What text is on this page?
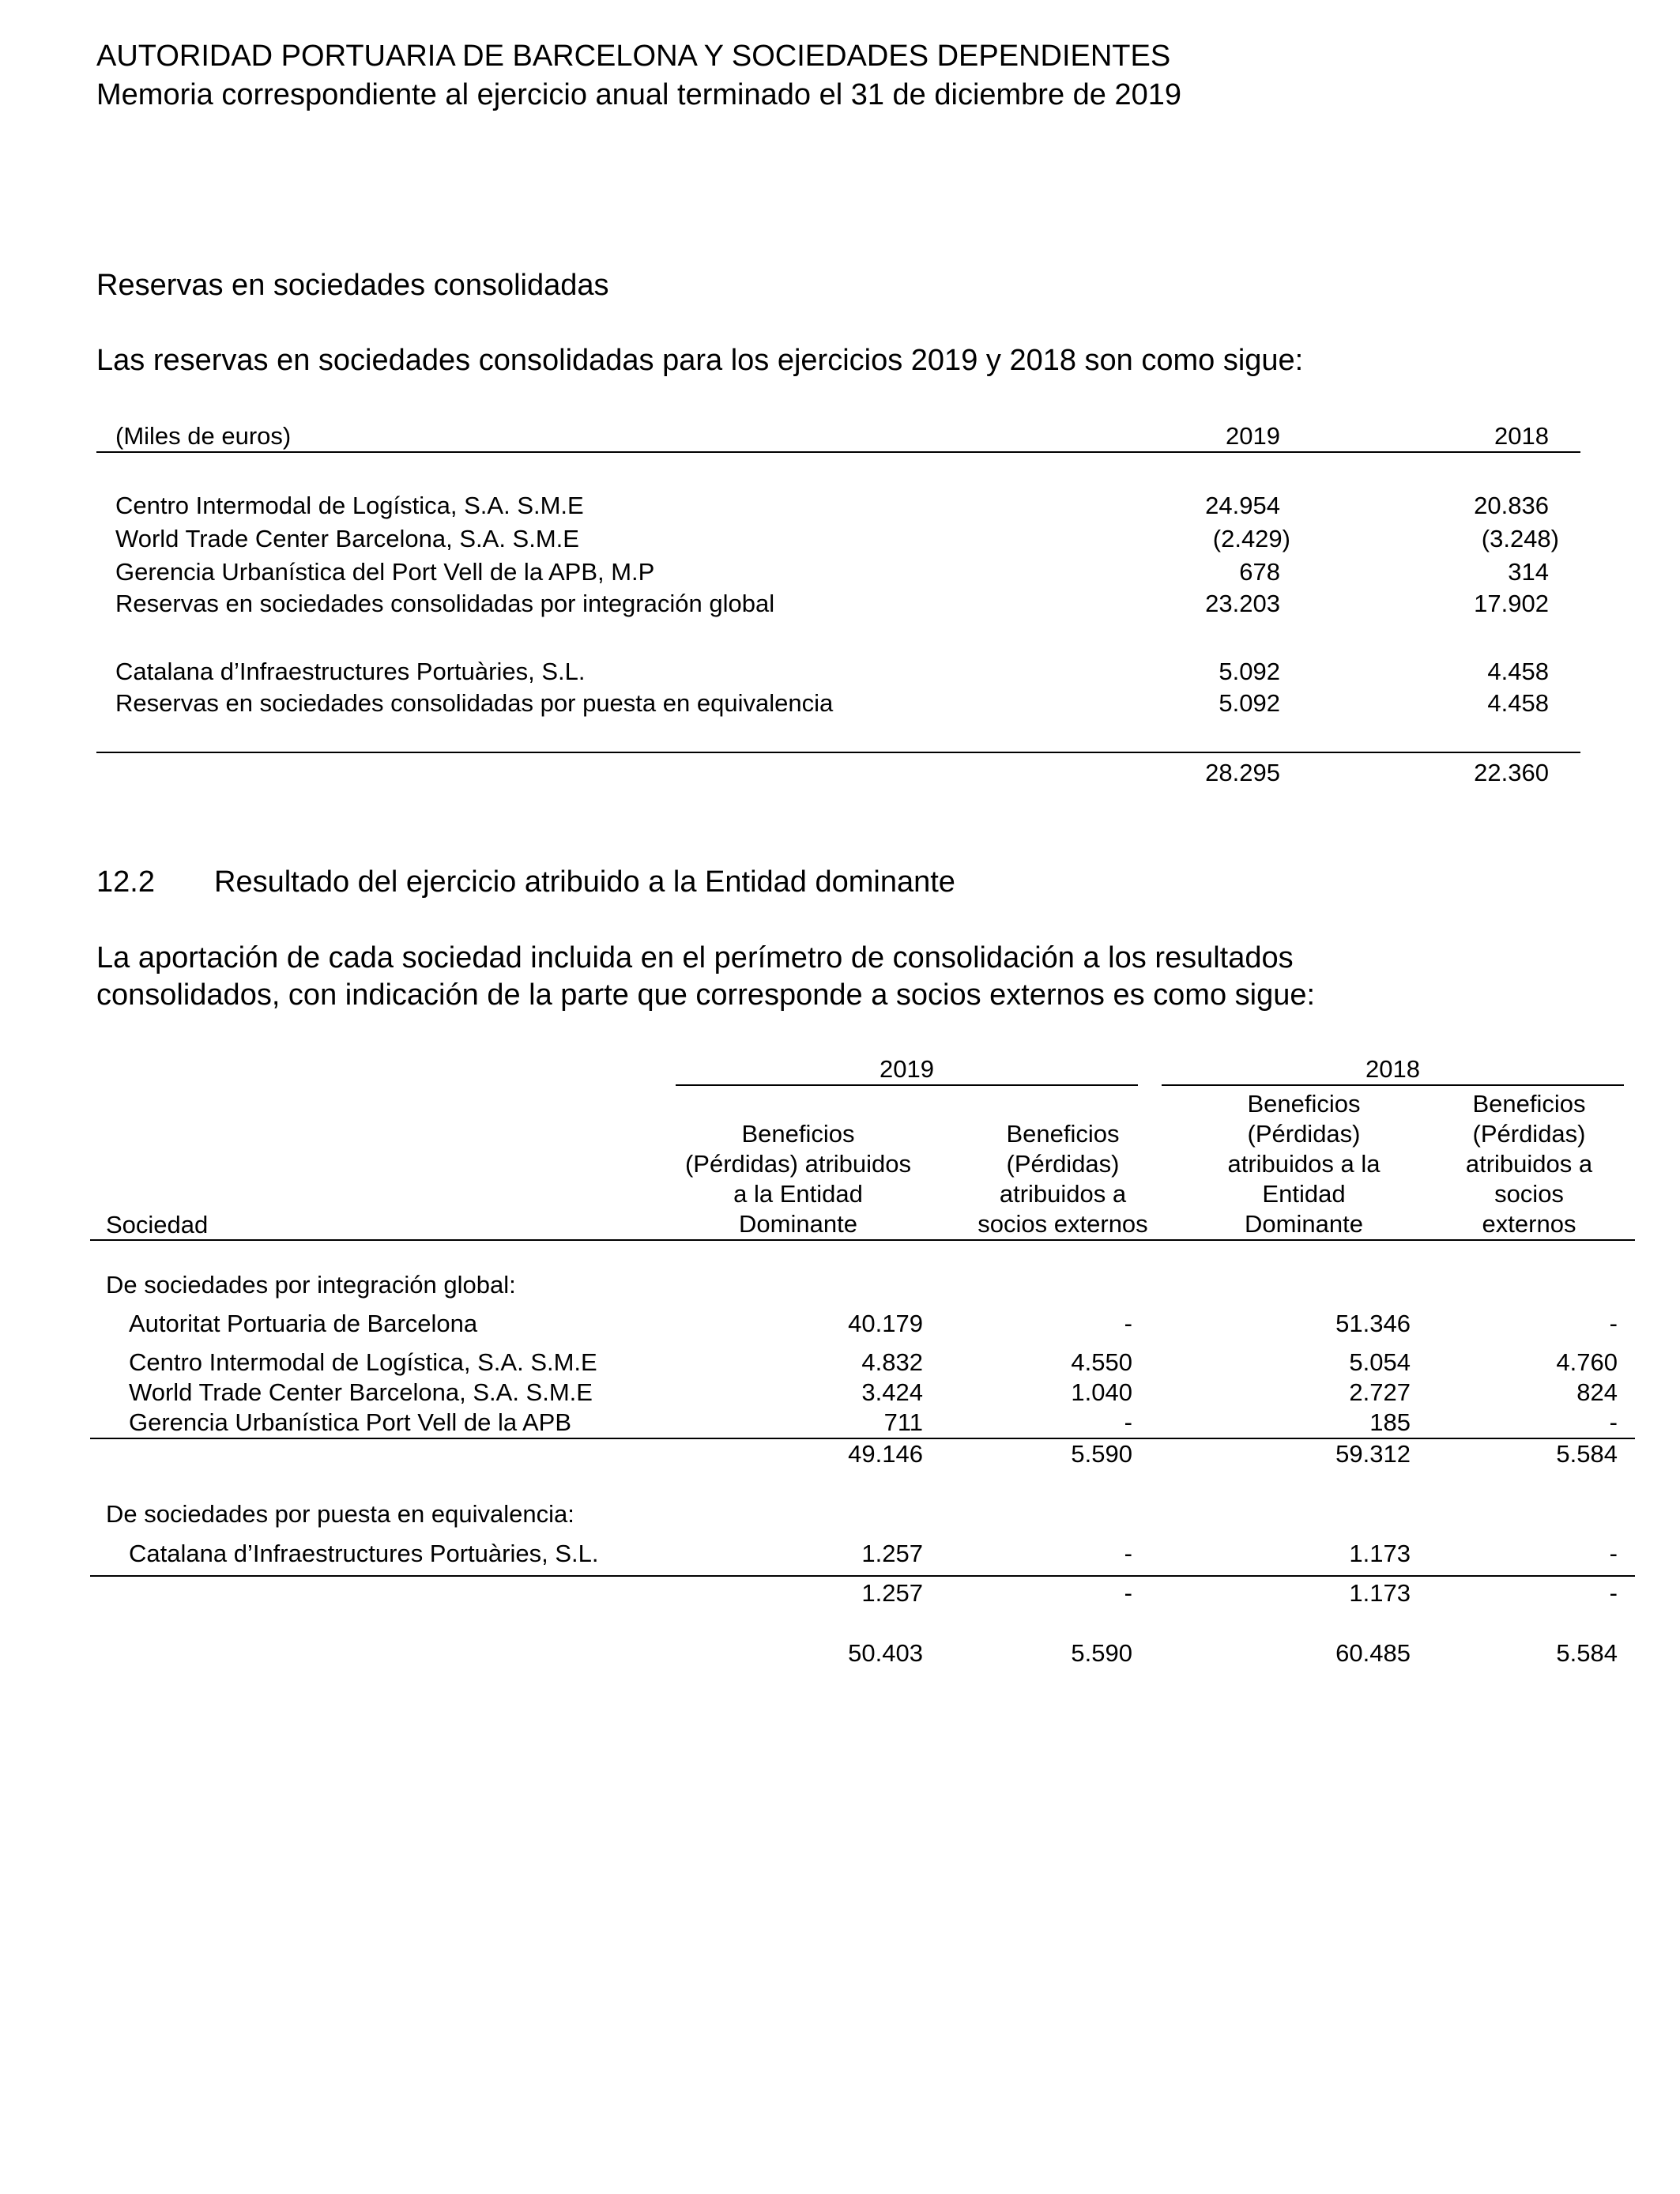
AUTORIDAD PORTUARIA DE BARCELONA Y SOCIEDADES DEPENDIENTES
Memoria correspondiente al ejercicio anual terminado el 31 de diciembre de 2019
Reservas en sociedades consolidadas
Las reservas en sociedades consolidadas para los ejercicios 2019 y 2018 son como sigue:
(Miles de euros)	2019	2018
Centro Intermodal de Logística, S.A. S.M.E	24.954	20.836
World Trade Center Barcelona, S.A. S.M.E	(2.429)	(3.248)
Gerencia Urbanística del Port Vell de la APB, M.P	678	314
Reservas en sociedades consolidadas por integración global	23.203	17.902
Catalana d’Infraestructures Portuàries, S.L.	5.092	4.458
Reservas en sociedades consolidadas por puesta en equivalencia	5.092	4.458
28.295	22.360
12.2 Resultado del ejercicio atribuido a la Entidad dominante
La aportación de cada sociedad incluida en el perímetro de consolidación a los resultados
consolidados, con indicación de la parte que corresponde a socios externos es como sigue:
2019	2018
Sociedad
Beneficios
(Pérdidas) atribuidos
a la Entidad
Dominante
Beneficios
(Pérdidas)
atribuidos a
socios externos
Beneficios
(Pérdidas)
atribuidos a la
Entidad
Dominante
Beneficios
(Pérdidas)
atribuidos a
socios
externos
De sociedades por integración global:
Autoritat Portuaria de Barcelona	40.179	-	51.346	-
Centro Intermodal de Logística, S.A. S.M.E	4.832	4.550	5.054	4.760
World Trade Center Barcelona, S.A. S.M.E	3.424	1.040	2.727	824
Gerencia Urbanística Port Vell de la APB	711	-	185	-
49.146	5.590	59.312	5.584
De sociedades por puesta en equivalencia:
Catalana d’Infraestructures Portuàries, S.L.	1.257	-	1.173	-
1.257	-	1.173	-
50.403	5.590	60.485	5.584
